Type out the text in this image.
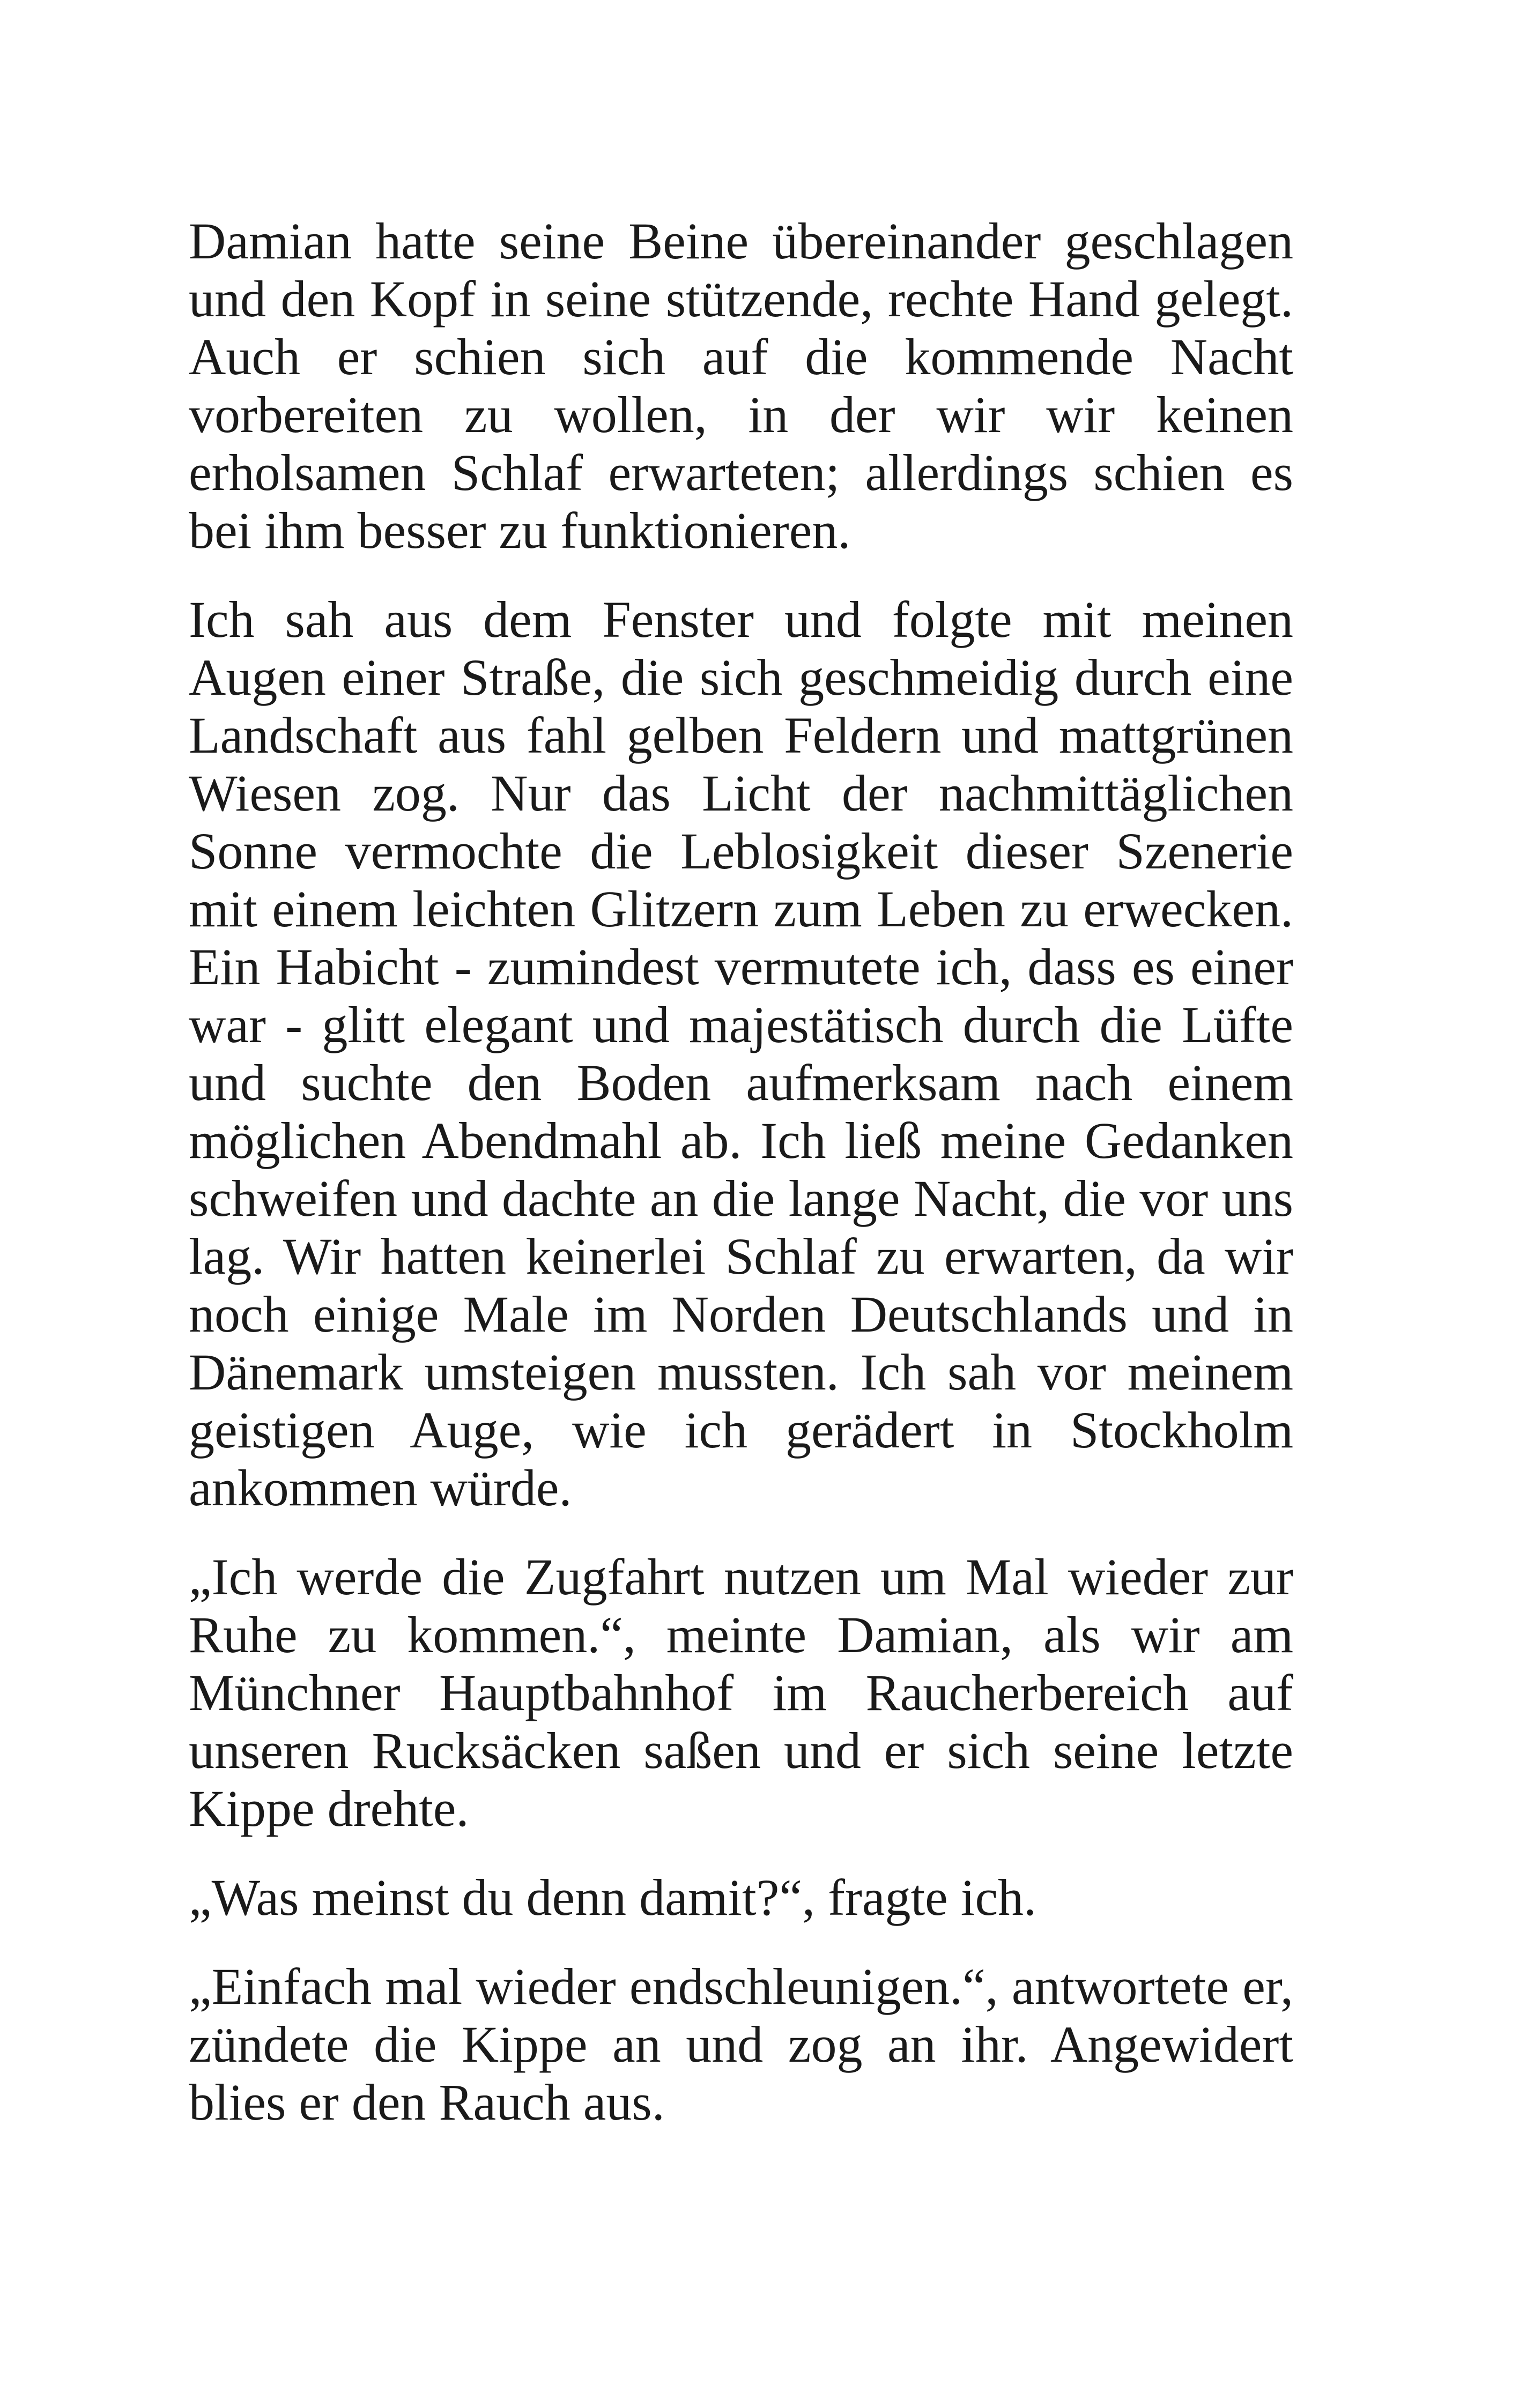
Damian hatte seine Beine übereinander geschlagen und den Kopf in seine stützende, rechte Hand gelegt. Auch er schien sich auf die kommende Nacht vorbereiten zu wollen, in der wir wir keinen erholsamen Schlaf erwarteten; allerdings schien es bei ihm besser zu funktionieren.

Ich sah aus dem Fenster und folgte mit meinen Augen einer Straße, die sich geschmeidig durch eine Landschaft aus fahl gelben Feldern und mattgrünen Wiesen zog. Nur das Licht der nachmittäglichen Sonne vermochte die Leblosigkeit dieser Szenerie mit einem leichten Glitzern zum Leben zu erwecken. Ein Habicht - zumindest vermutete ich, dass es einer war - glitt elegant und majestätisch durch die Lüfte und suchte den Boden aufmerksam nach einem möglichen Abendmahl ab. Ich ließ meine Gedanken schweifen und dachte an die lange Nacht, die vor uns lag. Wir hatten keinerlei Schlaf zu erwarten, da wir noch einige Male im Norden Deutschlands und in Dänemark umsteigen mussten. Ich sah vor meinem geistigen Auge, wie ich gerädert in Stockholm ankommen würde.

„Ich werde die Zugfahrt nutzen um Mal wieder zur Ruhe zu kommen.“, meinte Damian, als wir am Münchner Hauptbahnhof im Raucherbereich auf unseren Rucksäcken saßen und er sich seine letzte Kippe drehte.

„Was meinst du denn damit?“, fragte ich.

„Einfach mal wieder endschleunigen.“, antwortete er, zündete die Kippe an und zog an ihr. Angewidert blies er den Rauch aus.
